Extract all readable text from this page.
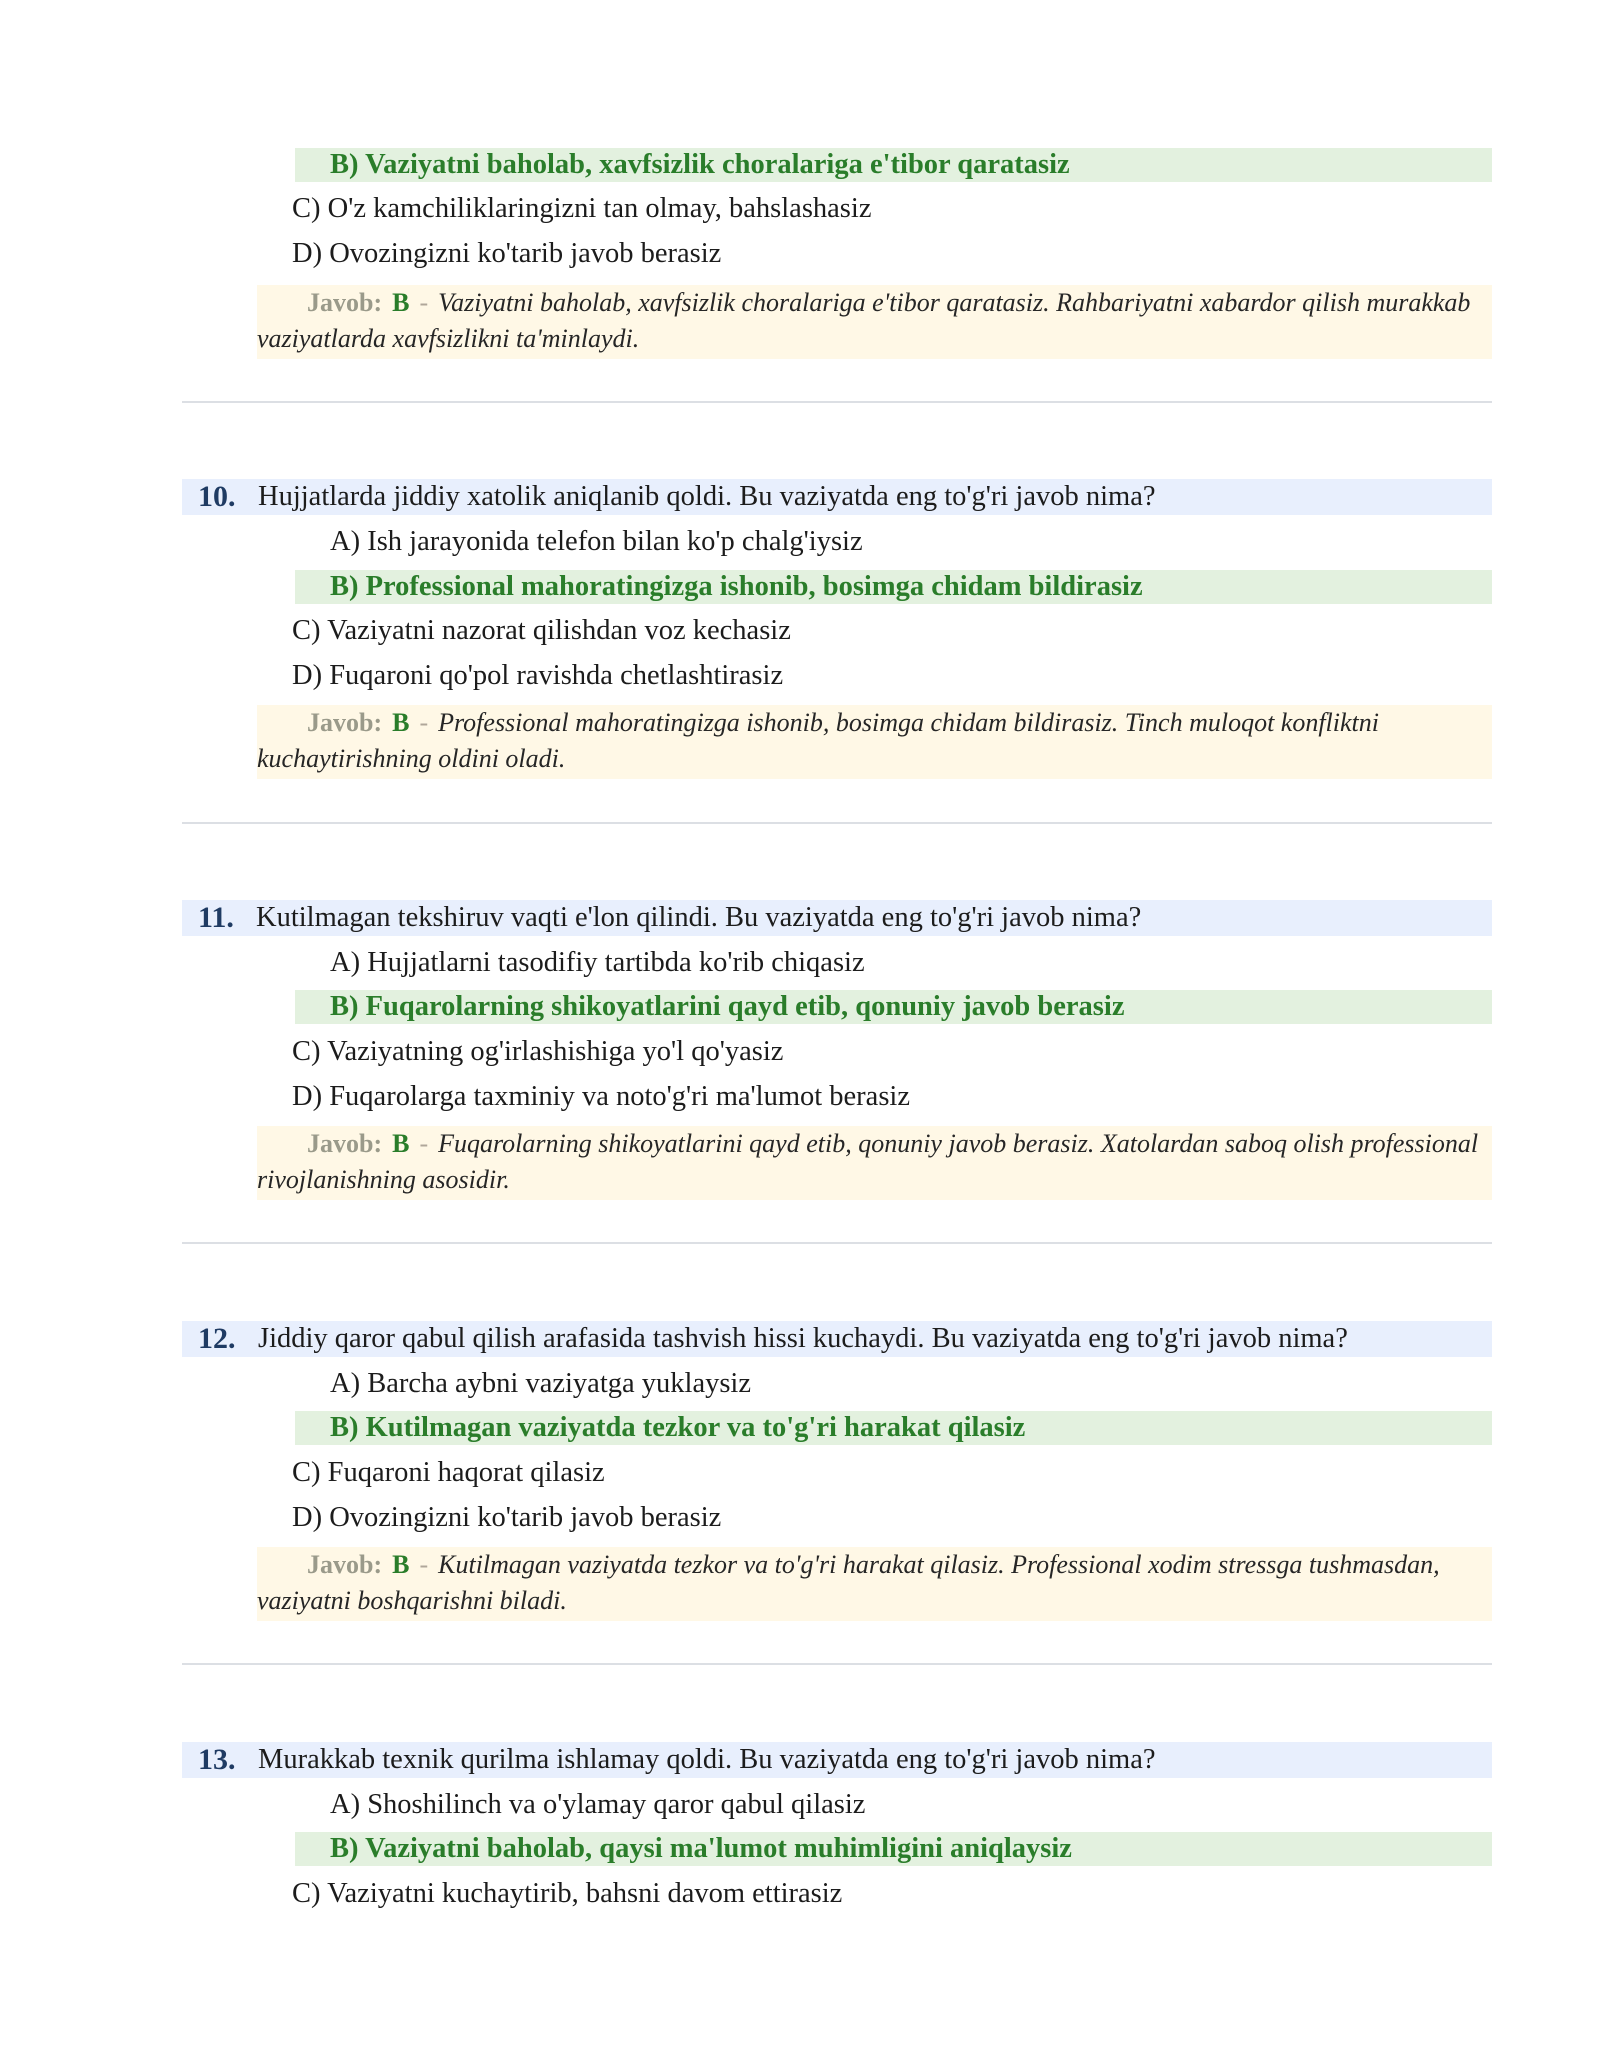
B) Vaziyatni baholab, xavfsizlik choralariga e'tibor qaratasiz
C) O'z kamchiliklaringizni tan olmay, bahslashasiz
D) Ovozingizni ko'tarib javob berasiz
Javob: B - Vaziyatni baholab, xavfsizlik choralariga e'tibor qaratasiz. Rahbariyatni xabardor qilish murakkab vaziyatlarda xavfsizlikni ta'minlaydi.
10. Hujjatlarda jiddiy xatolik aniqlanib qoldi. Bu vaziyatda eng to'g'ri javob nima?
A) Ish jarayonida telefon bilan ko'p chalg'iysiz
B) Professional mahoratingizga ishonib, bosimga chidam bildirasiz
C) Vaziyatni nazorat qilishdan voz kechasiz
D) Fuqaroni qo'pol ravishda chetlashtirasiz
Javob: B - Professional mahoratingizga ishonib, bosimga chidam bildirasiz. Tinch muloqot konfliktni kuchaytirishning oldini oladi.
11. Kutilmagan tekshiruv vaqti e'lon qilindi. Bu vaziyatda eng to'g'ri javob nima?
A) Hujjatlarni tasodifiy tartibda ko'rib chiqasiz
B) Fuqarolarning shikoyatlarini qayd etib, qonuniy javob berasiz
C) Vaziyatning og'irlashishiga yo'l qo'yasiz
D) Fuqarolarga taxminiy va noto'g'ri ma'lumot berasiz
Javob: B - Fuqarolarning shikoyatlarini qayd etib, qonuniy javob berasiz. Xatolardan saboq olish professional rivojlanishning asosidir.
12. Jiddiy qaror qabul qilish arafasida tashvish hissi kuchaydi. Bu vaziyatda eng to'g'ri javob nima?
A) Barcha aybni vaziyatga yuklaysiz
B) Kutilmagan vaziyatda tezkor va to'g'ri harakat qilasiz
C) Fuqaroni haqorat qilasiz
D) Ovozingizni ko'tarib javob berasiz
Javob: B - Kutilmagan vaziyatda tezkor va to'g'ri harakat qilasiz. Professional xodim stressga tushmasdan, vaziyatni boshqarishni biladi.
13. Murakkab texnik qurilma ishlamay qoldi. Bu vaziyatda eng to'g'ri javob nima?
A) Shoshilinch va o'ylamay qaror qabul qilasiz
B) Vaziyatni baholab, qaysi ma'lumot muhimligini aniqlaysiz
C) Vaziyatni kuchaytirib, bahsni davom ettirasiz
